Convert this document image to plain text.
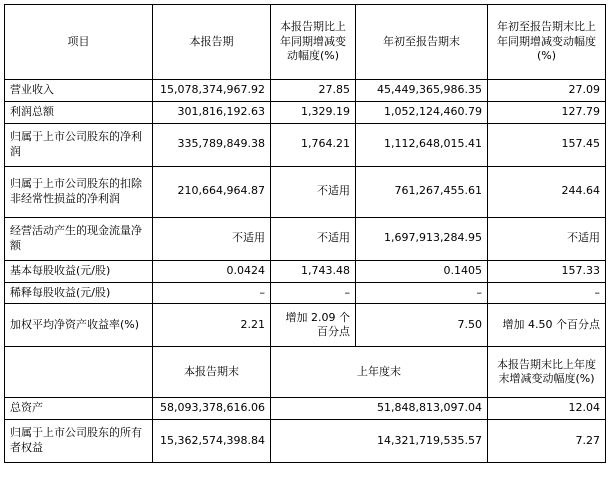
项目	本报告期	本报告期比上年同期增减变动幅度(%)	年初至报告期末	年初至报告期末比上年同期增减变动幅度(%)
营业收入	15,078,374,967.92	27.85	45,449,365,986.35	27.09
利润总额	301,816,192.63	1,329.19	1,052,124,460.79	127.79
归属于上市公司股东的净利润	335,789,849.38	1,764.21	1,112,648,015.41	157.45
归属于上市公司股东的扣除非经常性损益的净利润	210,664,964.87	不适用	761,267,455.61	244.64
经营活动产生的现金流量净额	不适用	不适用	1,697,913,284.95	不适用
基本每股收益(元/股)	0.0424	1,743.48	0.1405	157.33
稀释每股收益(元/股)	–	–	–	–
加权平均净资产收益率(%)	2.21	增加 2.09 个百分点	7.50	增加 4.50 个百分点
	本报告期末	上年度末		本报告期末比上年度末增减变动幅度(%)
总资产	58,093,378,616.06	51,848,813,097.04		12.04
归属于上市公司股东的所有者权益	15,362,574,398.84	14,321,719,535.57		7.27
